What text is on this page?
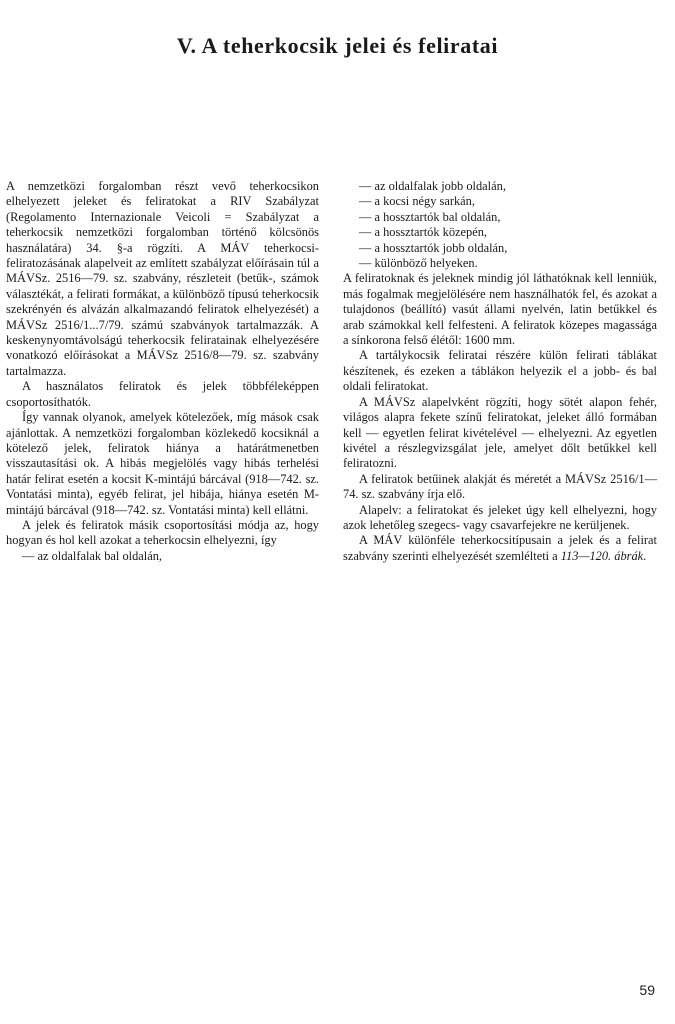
V. A teherkocsik jelei és feliratai

A nemzetközi forgalomban részt vevő teherkocsikon elhelyezett jeleket és feliratokat a RIV Szabályzat (Regolamento Internazionale Veicoli = Szabályzat a teherkocsik nemzetközi forgalomban történő kölcsönös használatára) 34. §-a rögzíti. A MÁV teherkocsi-feliratozásának alapelveit az említett szabályzat előírásain túl a MÁVSz. 2516—79. sz. szabvány, részleteit (betűk-, számok választékát, a felirati formákat, a különböző típusú teherkocsik szekrényén és alvázán alkalmazandó feliratok elhelyezését) a MÁVSz 2516/1...7/79. számú szabványok tartalmazzák. A keskenynyomtávolságú teherkocsik feliratainak elhelyezésére vonatkozó előírásokat a MÁVSz 2516/8—79. sz. szabvány tartalmazza.

A használatos feliratok és jelek többféleképpen csoportosíthatók.

Így vannak olyanok, amelyek kötelezőek, míg mások csak ajánlottak. A nemzetközi forgalomban közlekedő kocsiknál a kötelező jelek, feliratok hiánya a határátmenetben visszautasítási ok. A hibás megjelölés vagy hibás terhelési határ felirat esetén a kocsit K-mintájú bárcával (918—742. sz. Vontatási minta), egyéb felirat, jel hibája, hiánya esetén M-mintájú bárcával (918—742. sz. Vontatási minta) kell ellátni.

A jelek és feliratok másik csoportosítási módja az, hogy hogyan és hol kell azokat a teherkocsin elhelyezni, így

— az oldalfalak bal oldalán,
— az oldalfalak jobb oldalán,
— a kocsi négy sarkán,
— a hossztartók bal oldalán,
— a hossztartók közepén,
— a hossztartók jobb oldalán,
— különböző helyeken.

A feliratoknak és jeleknek mindig jól láthatóknak kell lenniük, más fogalmak megjelölésére nem használhatók fel, és azokat a tulajdonos (beállító) vasút állami nyelvén, latin betűkkel és arab számokkal kell felfesteni. A feliratok közepes magassága a sínkorona felső élétől: 1600 mm.

A tartálykocsik feliratai részére külön felirati táblákat készítenek, és ezeken a táblákon helyezik el a jobb- és bal oldali feliratokat.

A MÁVSz alapelvként rögzíti, hogy sötét alapon fehér, világos alapra fekete színű feliratokat, jeleket álló formában kell — egyetlen felirat kivételével — elhelyezni. Az egyetlen kivétel a részlegvizsgálat jele, amelyet dőlt betűkkel kell feliratozni.

A feliratok betűinek alakját és méretét a MÁVSz 2516/1—74. sz. szabvány írja elő.

Alapelv: a feliratokat és jeleket úgy kell elhelyezni, hogy azok lehetőleg szegecs- vagy csavarfejekre ne kerüljenek.

A MÁV különféle teherkocsitípusain a jelek és a felirat szabvány szerinti elhelyezését szemlélteti a 113—120. ábrák.

59
